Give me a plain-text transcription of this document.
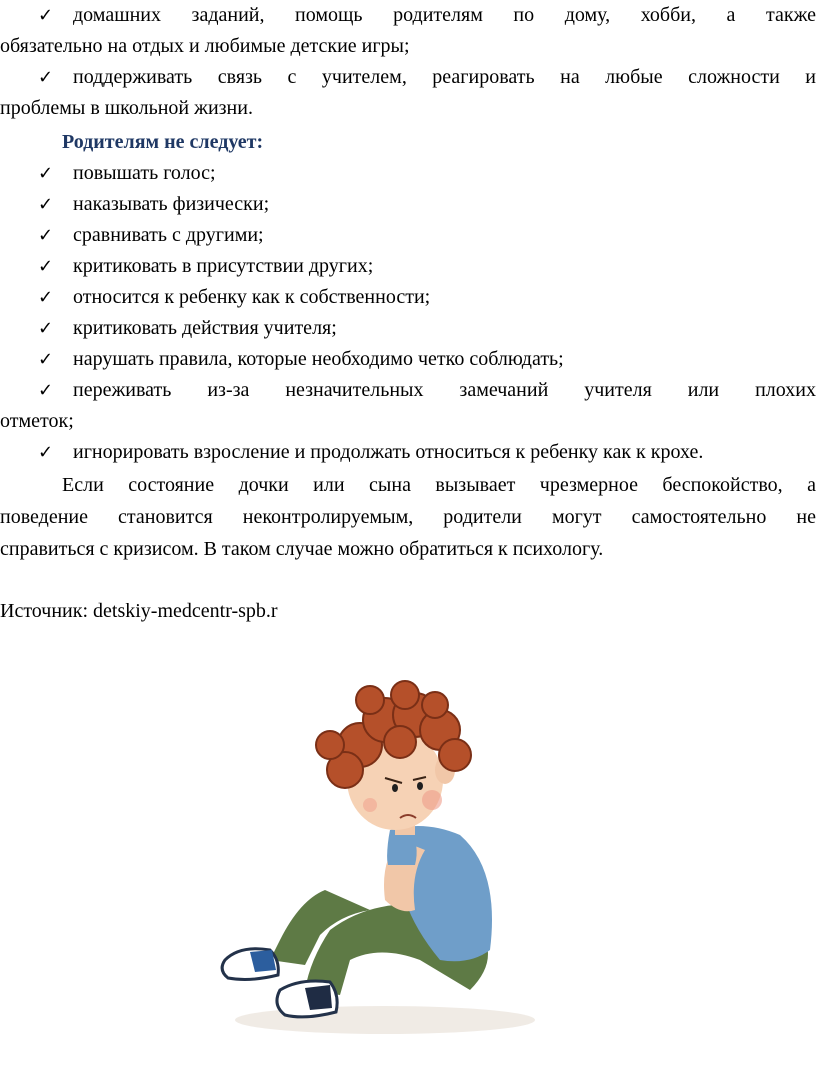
✓ домашних заданий, помощь родителям по дому, хобби, а также
обязательно на отдых и любимые детские игры;
✓ поддерживать связь с учителем, реагировать на любые сложности и
проблемы в школьной жизни.
Родителям не следует:
✓ повышать голос;
✓ наказывать физически;
✓ сравнивать с другими;
✓ критиковать в присутствии других;
✓ относится к ребенку как к собственности;
✓ критиковать действия учителя;
✓ нарушать правила, которые необходимо четко соблюдать;
✓ переживать из-за незначительных замечаний учителя или плохих
отметок;
✓ игнорировать взросление и продолжать относиться к ребенку как к крохе.
Если состояние дочки или сына вызывает чрезмерное беспокойство, а
поведение становится неконтролируемым, родители могут самостоятельно не
справиться с кризисом. В таком случае можно обратиться к психологу.
Источник: detskiy-medcentr-spb.r
